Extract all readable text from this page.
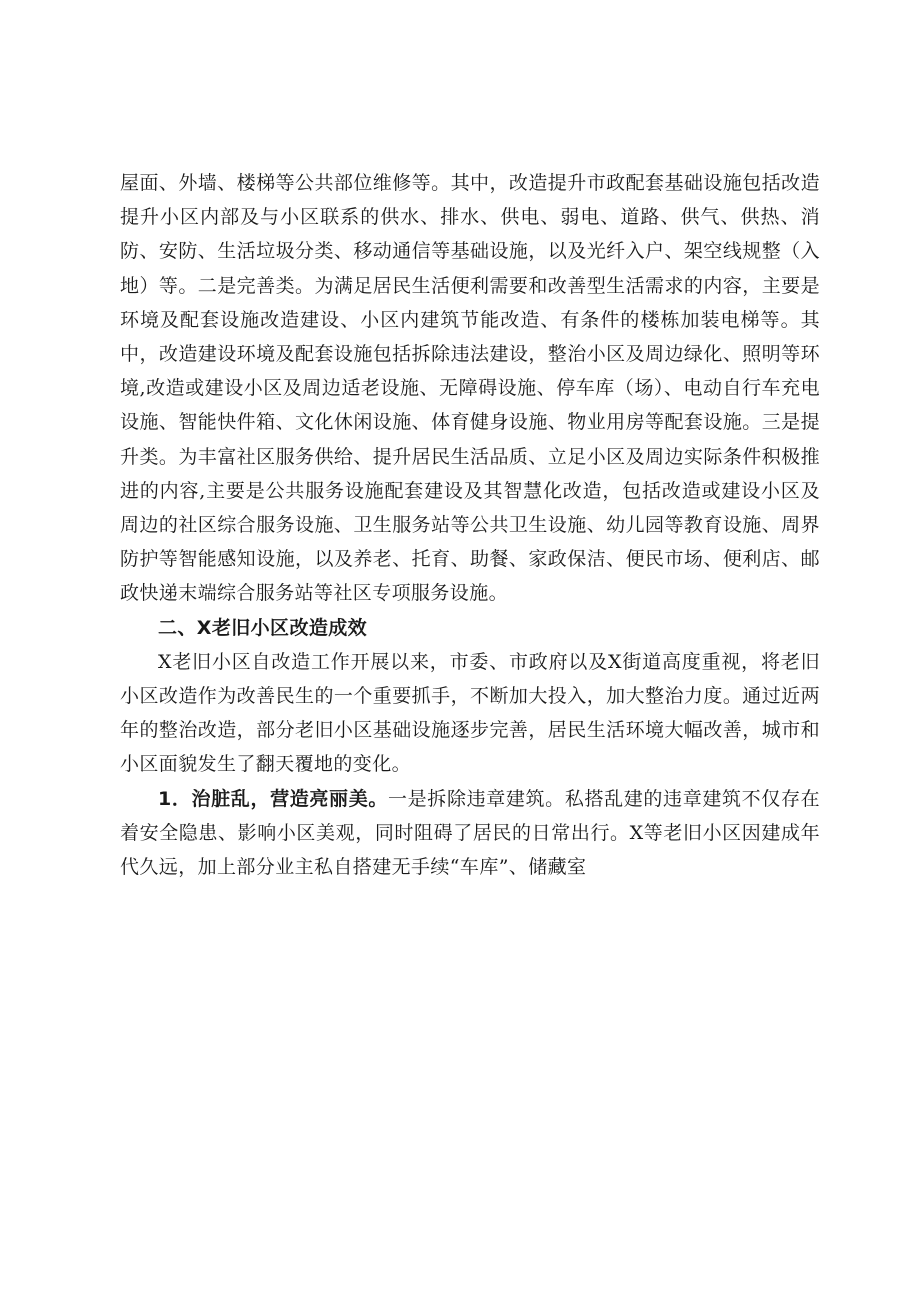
屋面、外墙、楼梯等公共部位维修等。其中，改造提升市政配套基础设施包括改造提升小区内部及与小区联系的供水、排水、供电、弱电、道路、供气、供热、消防、安防、生活垃圾分类、移动通信等基础设施，以及光纤入户、架空线规整（入地）等。二是完善类。为满足居民生活便利需要和改善型生活需求的内容，主要是环境及配套设施改造建设、小区内建筑节能改造、有条件的楼栋加装电梯等。其中，改造建设环境及配套设施包括拆除违法建设，整治小区及周边绿化、照明等环境,改造或建设小区及周边适老设施、无障碍设施、停车库（场）、电动自行车充电设施、智能快件箱、文化休闲设施、体育健身设施、物业用房等配套设施。三是提升类。为丰富社区服务供给、提升居民生活品质、立足小区及周边实际条件积极推进的内容,主要是公共服务设施配套建设及其智慧化改造，包括改造或建设小区及周边的社区综合服务设施、卫生服务站等公共卫生设施、幼儿园等教育设施、周界防护等智能感知设施，以及养老、托育、助餐、家政保洁、便民市场、便利店、邮政快递末端综合服务站等社区专项服务设施。

二、X老旧小区改造成效

X老旧小区自改造工作开展以来，市委、市政府以及X街道高度重视，将老旧小区改造作为改善民生的一个重要抓手，不断加大投入，加大整治力度。通过近两年的整治改造，部分老旧小区基础设施逐步完善，居民生活环境大幅改善，城市和小区面貌发生了翻天覆地的变化。

1．治脏乱，营造亮丽美。一是拆除违章建筑。私搭乱建的违章建筑不仅存在着安全隐患、影响小区美观，同时阻碍了居民的日常出行。X等老旧小区因建成年代久远，加上部分业主私自搭建无手续“车库”、储藏室
